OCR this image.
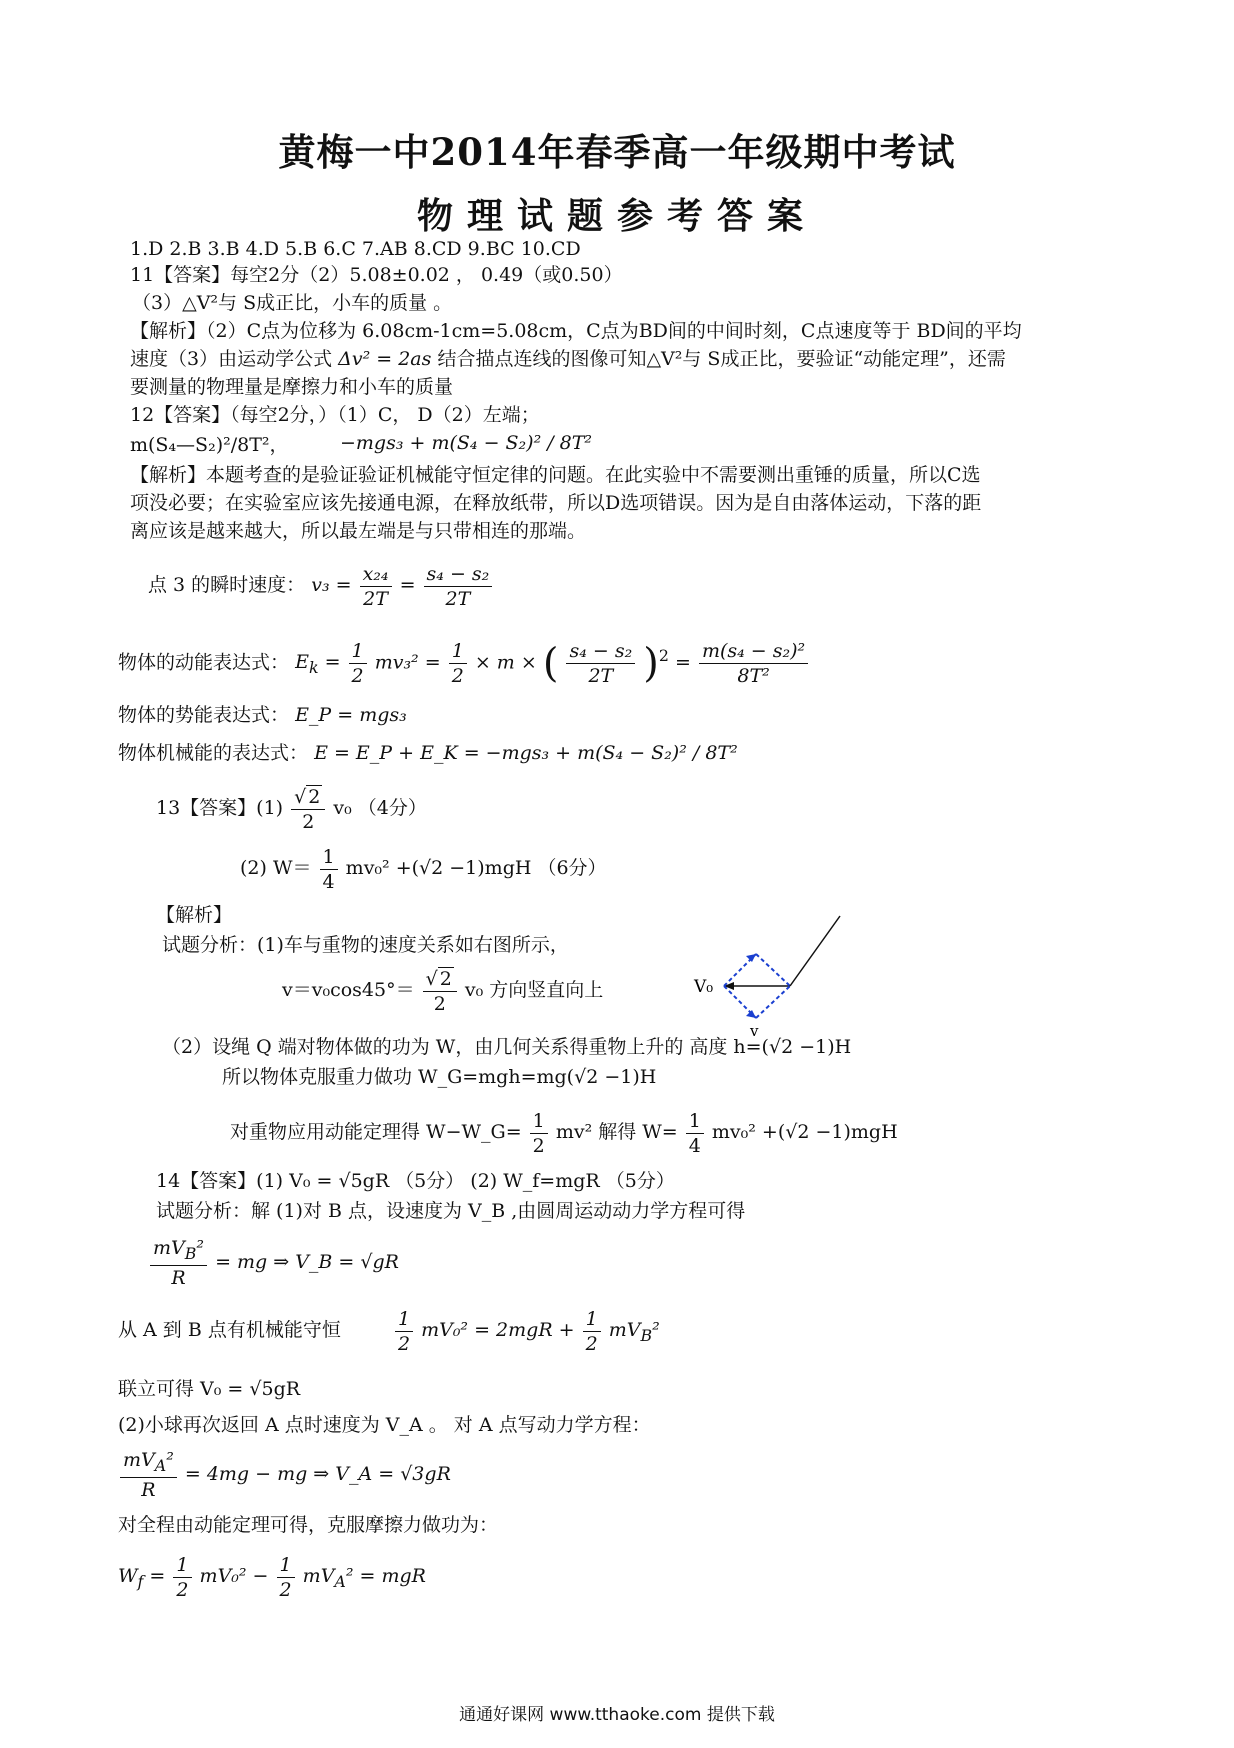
黄梅一中2014年春季高一年级期中考试
物理试题参考答案
1.D 2.B 3.B 4.D 5.B 6.C 7.AB 8.CD 9.BC 10.CD
11【答案】每空2分（2）5.08±0.02 ， 0.49（或0.50）
（3）△V²与 S成正比，小车的质量 。
【解析】（2）C点为位移为 6.08cm-1cm=5.08cm，C点为BD间的中间时刻，C点速度等于 BD间的平均
速度（3）由运动学公式 Δv² = 2as 结合描点连线的图像可知△V²与 S成正比，要验证“动能定理”，还需
要测量的物理量是摩擦力和小车的质量
12【答案】（每空2分，）（1）C， D（2）左端；
m(S₄—S₂)²/8T²，	−mgs₃ + m(S₄ − S₂)² / 8T²
【解析】本题考查的是验证验证机械能守恒定律的问题。在此实验中不需要测出重锤的质量，所以C选
项没必要；在实验室应该先接通电源，在释放纸带，所以D选项错误。因为是自由落体运动，下落的距
离应该是越来越大，所以最左端是与只带相连的那端。
点 3 的瞬时速度： $v_3 = \frac{\text{x₂₄}}{2T} = \frac{\text{s₄ − s₂}}{2T}$
物体的动能表达式： $E_k = \frac{1}{2} mv_3^2 = \frac{1}{2} \times m$ × ( $\frac{\text{s₄ − s₂}}{2T} )^2 = \frac{\text{m(s₄ − s₂)²}}{\text{8T²}}$
物体的势能表达式： E_P = mgs₃
物体机械能的表达式： E = E_P + E_K = −mgs₃ + m(S₄ − S₂)² / 8T²
13【答案】$(1) \frac{√ 2}{2} v_0$ （4分）
(2) $W= \frac{1}{4} mv_0^2 +(√2 -1)mgH$ （6分）
【解析】
试题分析：(1)车与重物的速度关系如右图所示，
$v=v_0\cos 45^\circ= \frac{√ 2}{2} v_0$ 方向竖直向上
（2）设绳 Q 端对物体做的功为 W，由几何关系得重物上升的 高度 h=(√2 −1)H
所以物体克服重力做功 W_G=mgh=mg(√2 −1)H
对重物应用动能定理得 W−W_G= $\frac{1}{2} mv^2$ 解得 $W= \frac{1}{4} mv_0^2 +(√2 -1)mgH$
V₀
v
14【答案】(1) V₀ = √5gR （5分） (2) W_f=mgR （5分）
试题分析：解 (1)对 B 点，设速度为 V_B ,由圆周运动动力学方程可得
$mV_B^2$
R
= mg ⇒ V_B = √gR
从 A 到 B 点有机械能守恒	$\frac{1}{2} mV_0^2 = 2mgR + \frac{1}{2} mV_B^2$
联立可得 V₀ = √5gR
(2)小球再次返回 A 点时速度为 V_A 。 对 A 点写动力学方程：
$mV_A^2$
R
= 4mg − mg ⇒ V_A = √3gR
对全程由动能定理可得，克服摩擦力做功为：
$W_f = \frac{1}{2} mV_0^2 - \frac{1}{2} mV_A^2$ = mgR
通通好课网 www.tthaoke.com 提供下载
